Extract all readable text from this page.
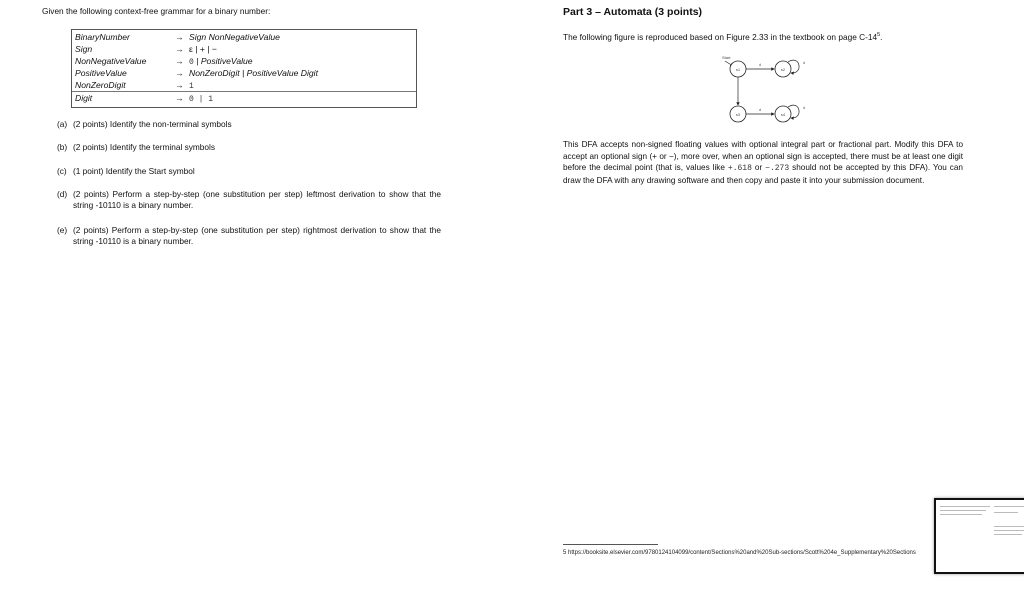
Given the following context-free grammar for a binary number:
BinaryNumber	→ Sign NonNegativeValue
Sign	→ ε | + | −
NonNegativeValue	→ 0 | PositiveValue
PositiveValue	→ NonZeroDigit | PositiveValue Digit
NonZeroDigit	→ 1
Digit	→ 0 | 1
(a) (2 points) Identify the non-terminal symbols
(b) (2 points) Identify the terminal symbols
(c) (1 point) Identify the Start symbol
(d) (2 points) Perform a step-by-step (one substitution per step) leftmost derivation to show that the string -10110 is a binary number.
(e) (2 points) Perform a step-by-step (one substitution per step) rightmost derivation to show that the string -10110 is a binary number.
Part 3 – Automata (3 points)
The following figure is reproduced based on Figure 2.33 in the textbook on page $C-14^5$.
Start
s1	s2
s3	s4
d
d
d
d
This DFA accepts non-signed floating values with optional integral part or fractional part. Modify this DFA to accept an optional sign (+ or −), more over, when an optional sign is accepted, there must be at least one digit before the decimal point (that is, values like +.618 or −.273 should not be accepted by this DFA). You can draw the DFA with any drawing software and then copy and paste it into your submission document.
5 https://booksite.elsevier.com/9780124104099/content/Sections%20and%20Sub-sections/Scott%204e_Supplementary%20Sections
